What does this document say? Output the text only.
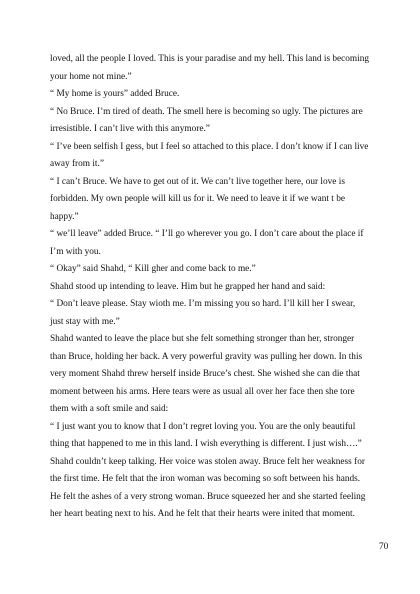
loved, all the people I loved. This is your paradise and my hell. This land is becoming
your home not mine.”
“ My home is yours” added Bruce.
“ No Bruce. I’m tired of death. The smell here is becoming so ugly. The pictures are
irresistible. I can’t live with this anymore.”
“ I’ve been selfish I gess, but I feel so attached to this place. I don’t know if I can live
away from it.”
“ I can’t Bruce. We have to get out of it. We can’t live together here, our love is
forbidden. My own people will kill us for it. We need to leave it if we want t be
happy.”
“ we’ll leave” added Bruce. “ I’ll go wherever you go. I don’t care about the place if
I’m with you.
“ Okay” said Shahd, “ Kill gher and come back to me.”
Shahd stood up intending to leave. Him but he grapped her hand and said:
“ Don’t leave please. Stay wioth me. I’m missing you so hard. I’ll kill her I swear,
just stay with me.”
Shahd wanted to leave the place but she felt something stronger than her, stronger
than Bruce, holding her back. A very powerful gravity was pulling her down. In this
very moment Shahd threw herself inside Bruce’s chest. She wished she can die that
moment between his arms. Here tears were as usual all over her face then she tore
them with a soft smile and said:
“ I just want you to know that I don’t regret loving you. You are the only beautiful
thing that happened to me in this land. I wish everything is different. I just wish….”
Shahd couldn’t keep talking. Her voice was stolen away. Bruce felt her weakness for
the first time. He felt that the iron woman was becoming so soft between his hands.
He felt the ashes of a very strong woman. Bruce squeezed her and she started feeling
her heart beating next to his. And he felt that their hearts were inited that moment.
70
